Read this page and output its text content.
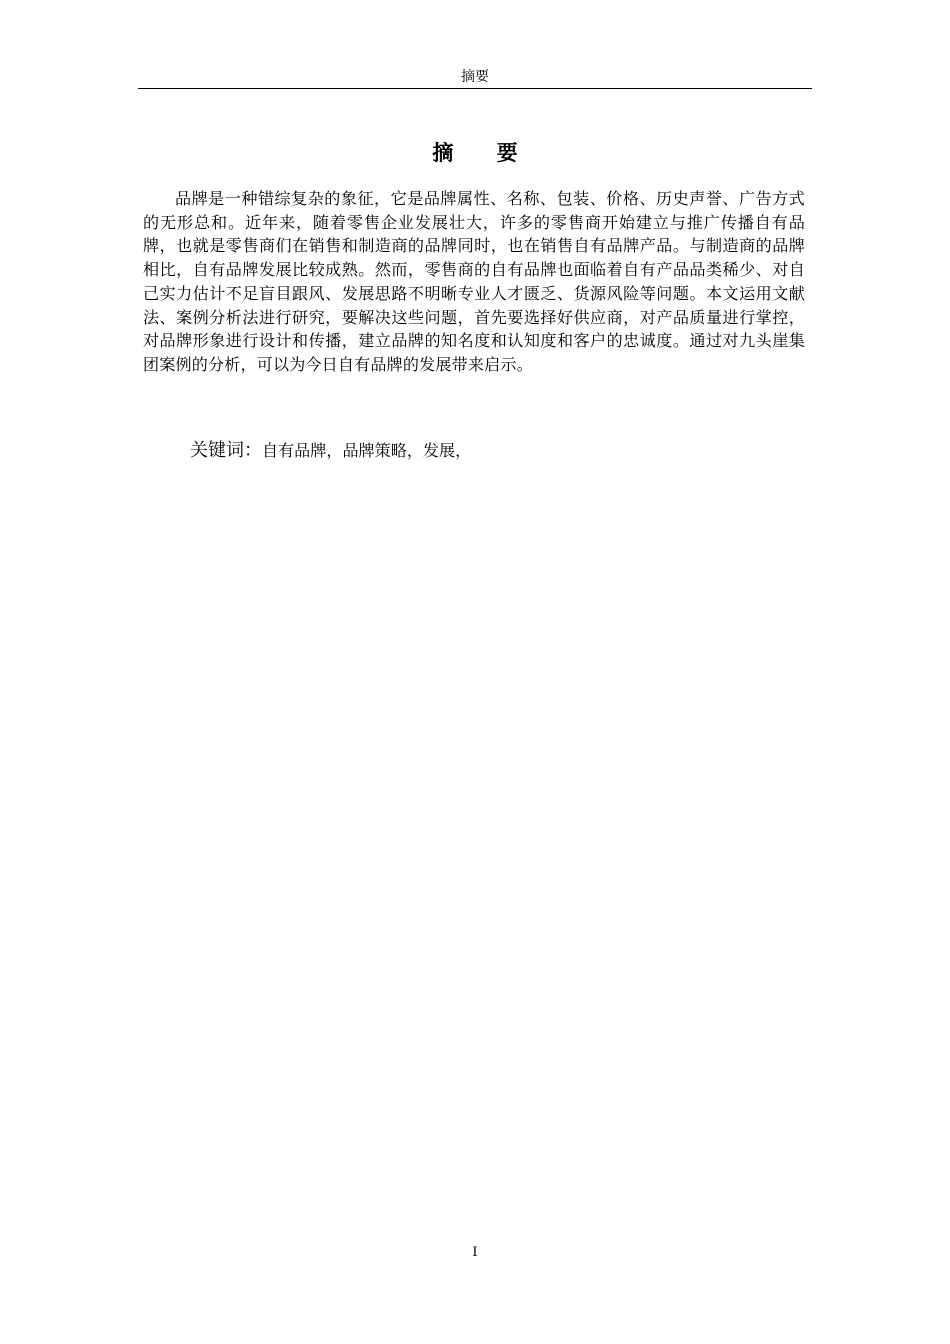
摘要
摘 要

品牌是一种错综复杂的象征，它是品牌属性、名称、包装、价格、历史声誉、广告方式的无形总和。近年来，随着零售企业发展壮大，许多的零售商开始建立与推广传播自有品牌，也就是零售商们在销售和制造商的品牌同时，也在销售自有品牌产品。与制造商的品牌相比，自有品牌发展比较成熟。然而，零售商的自有品牌也面临着自有产品品类稀少、对自己实力估计不足盲目跟风、发展思路不明晰专业人才匮乏、货源风险等问题。本文运用文献法、案例分析法进行研究，要解决这些问题，首先要选择好供应商，对产品质量进行掌控，对品牌形象进行设计和传播，建立品牌的知名度和认知度和客户的忠诚度。通过对九头崖集团案例的分析，可以为今日自有品牌的发展带来启示。

关键词：自有品牌，品牌策略，发展，
I
